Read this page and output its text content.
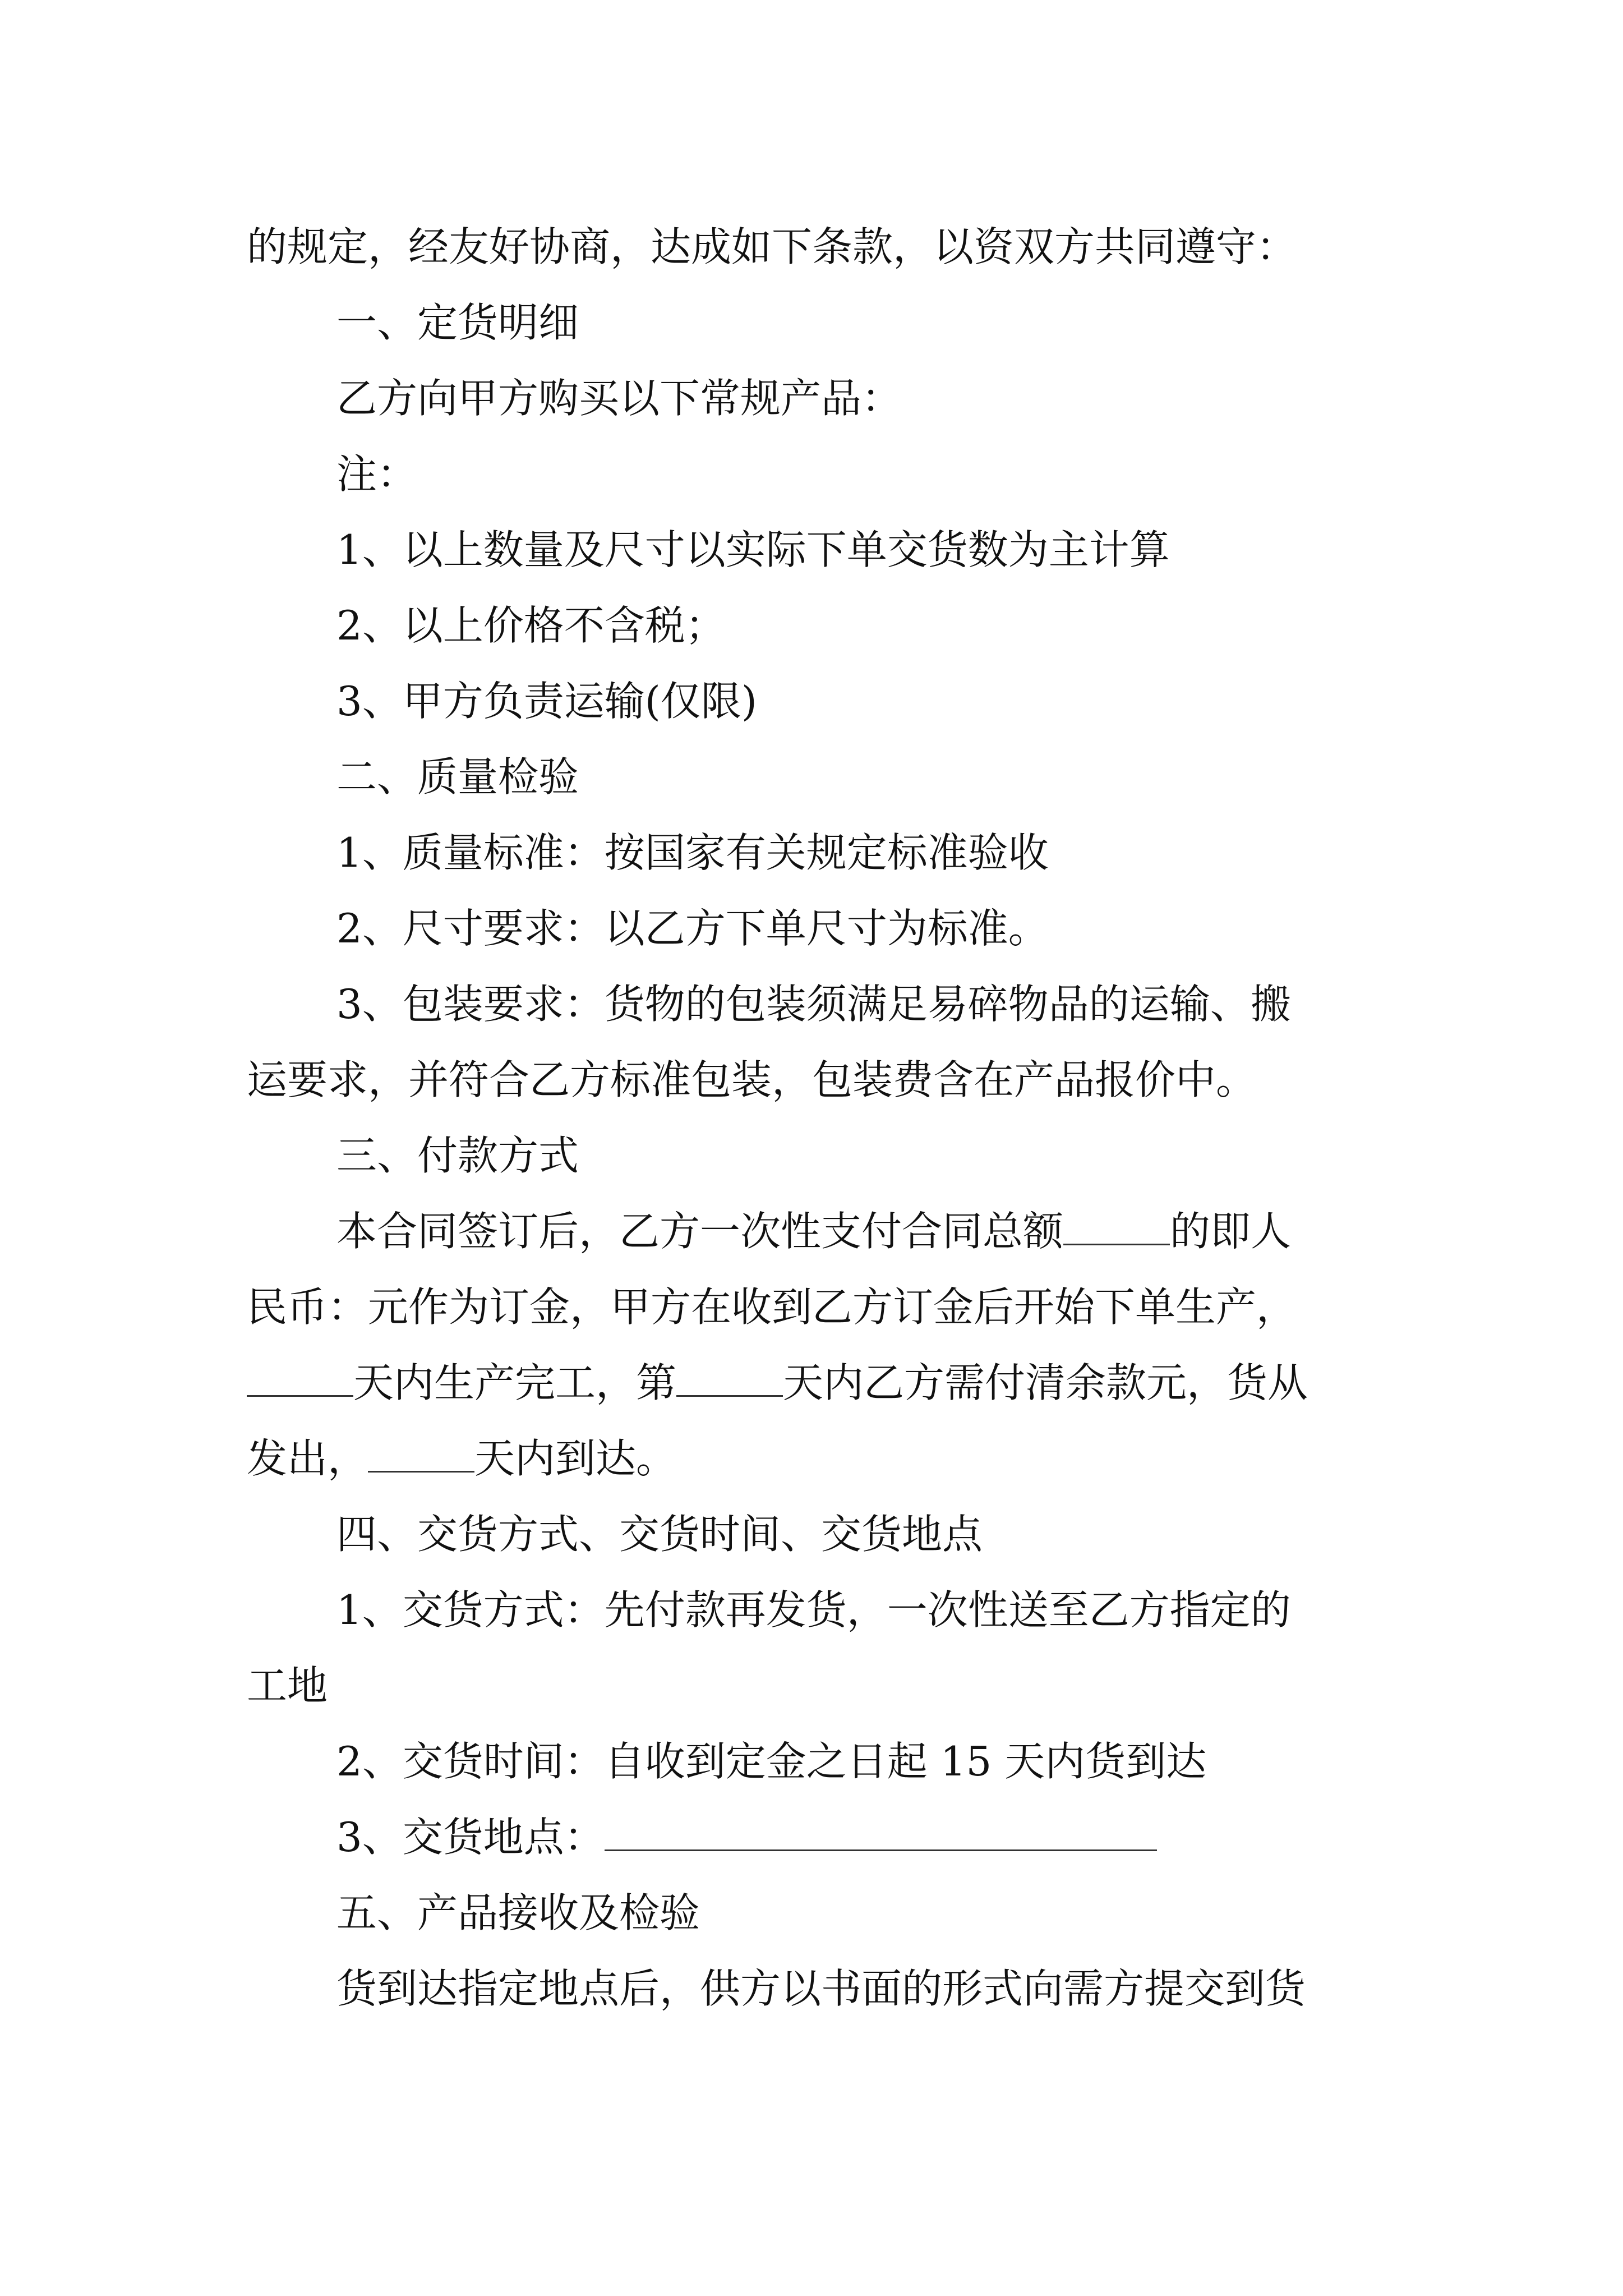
的规定，经友好协商，达成如下条款，以资双方共同遵守：
一、定货明细
乙方向甲方购买以下常规产品：
注：
1、以上数量及尺寸以实际下单交货数为主计算
2、以上价格不含税；
3、甲方负责运输(仅限)
二、质量检验
1、质量标准：按国家有关规定标准验收
2、尺寸要求：以乙方下单尺寸为标准。
3、包装要求：货物的包装须满足易碎物品的运输、搬
运要求，并符合乙方标准包装，包装费含在产品报价中。
三、付款方式
本合同签订后，乙方一次性支付合同总额	的即人
民币：元作为订金，甲方在收到乙方订金后开始下单生产，
天内生产完工，第	天内乙方需付清余款元，货从
发出，	天内到达。
四、交货方式、交货时间、交货地点
1、交货方式：先付款再发货，一次性送至乙方指定的
工地
2、交货时间：自收到定金之日起 15 天内货到达
3、交货地点：
五、产品接收及检验
货到达指定地点后，供方以书面的形式向需方提交到货
